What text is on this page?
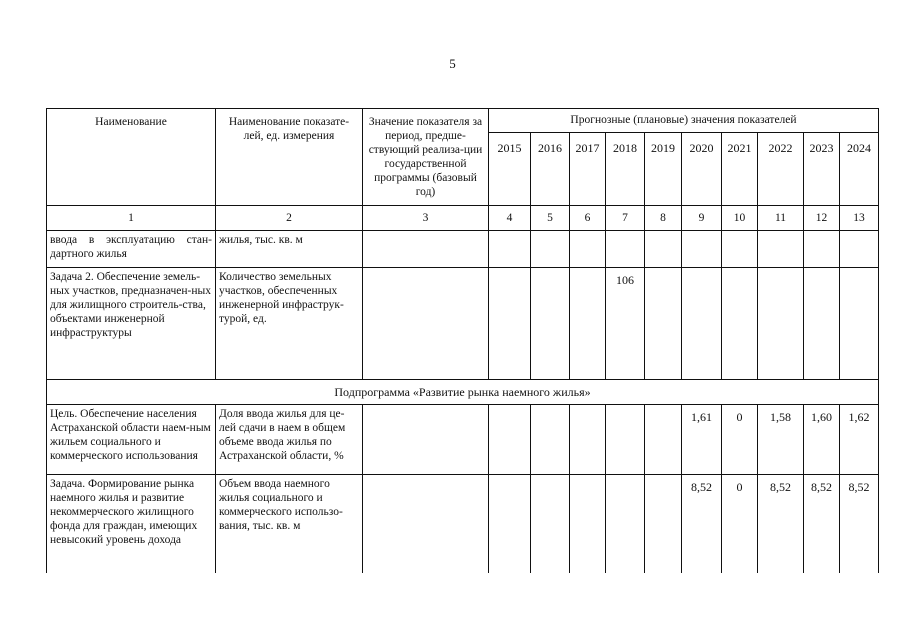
5
Наименование	Наименование показате-лей, ед. измерения	Значение показателя за период, предше-ствующий реализа-ции государственной программы (базовый год)	Прогнозные (плановые) значения показателей									
			2015	2016	2017	2018	2019	2020	2021	2022	2023	2024
1	2	3	4	5	6	7	8	9	10	11	12	13
ввода в эксплуатацию стан-дартного жилья	жилья, тыс. кв. м											
Задача 2. Обеспечение земель-ных участков, предназначен-ных для жилищного строитель-ства, объектами инженерной инфраструктуры	Количество земельных участков, обеспеченных инженерной инфраструк-турой, ед.					106						
Подпрограмма «Развитие рынка наемного жилья»												
Цель. Обеспечение населения Астраханской области наем-ным жильем социального и коммерческого использования	Доля ввода жилья для це-лей сдачи в наем в общем объеме ввода жилья по Астраханской области, %							1,61	0	1,58	1,60	1,62
Задача. Формирование рынка наемного жилья и развитие некоммерческого жилищного фонда для граждан, имеющих невысокий уровень дохода	Объем ввода наемного жилья социального и коммерческого использо-вания, тыс. кв. м							8,52	0	8,52	8,52	8,52
